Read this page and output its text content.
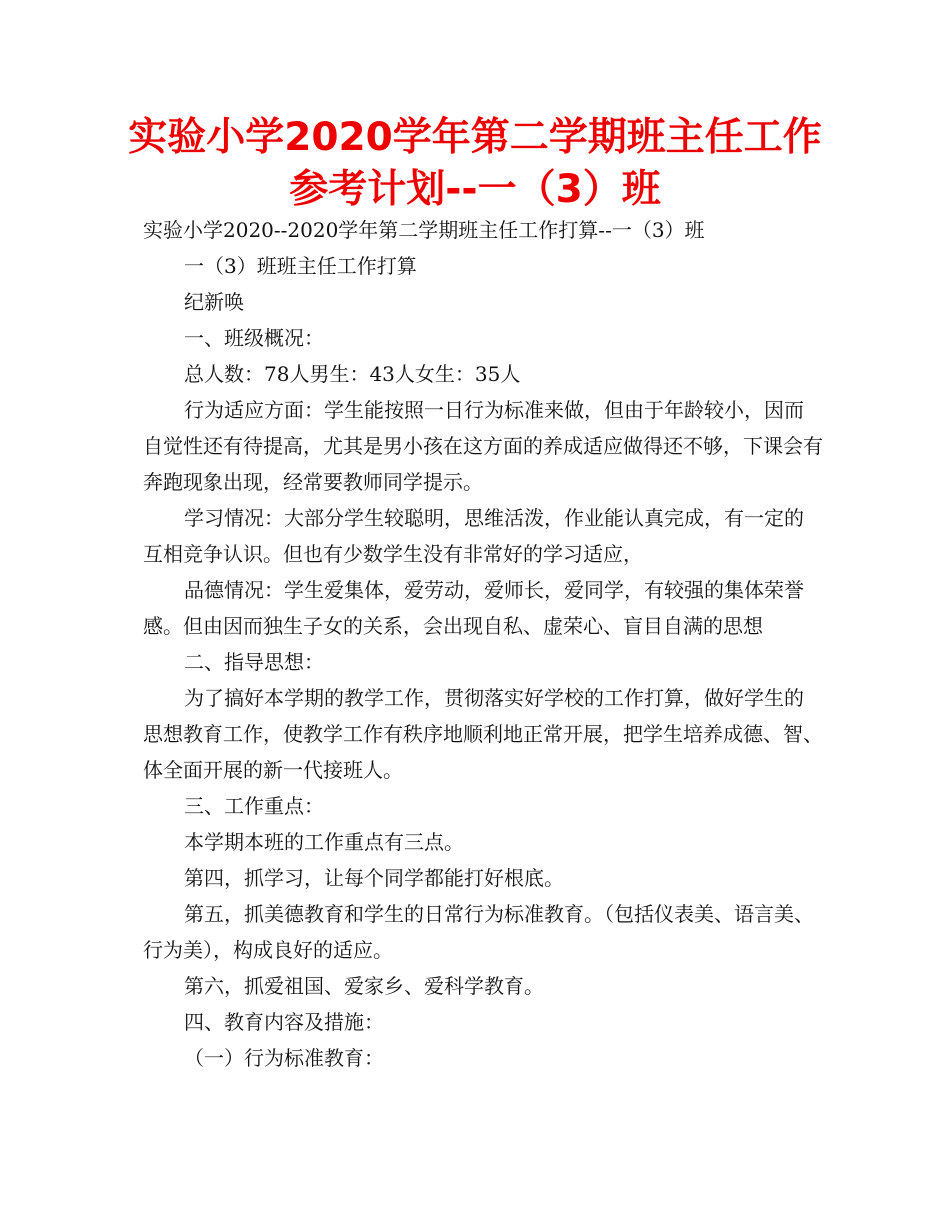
实验小学2020学年第二学期班主任工作参考计划--一（3）班

实验小学2020--2020学年第二学期班主任工作打算--一（3）班

一（3）班班主任工作打算

纪新唤

一、班级概况：

总人数：78人男生：43人女生：35人

行为适应方面：学生能按照一日行为标准来做，但由于年龄较小，因而自觉性还有待提高，尤其是男小孩在这方面的养成适应做得还不够，下课会有奔跑现象出现，经常要教师同学提示。

学习情况：大部分学生较聪明，思维活泼，作业能认真完成，有一定的互相竞争认识。但也有少数学生没有非常好的学习适应，

品德情况：学生爱集体，爱劳动，爱师长，爱同学，有较强的集体荣誉感。但由因而独生子女的关系，会出现自私、虚荣心、盲目自满的思想

二、指导思想：

为了搞好本学期的教学工作，贯彻落实好学校的工作打算，做好学生的思想教育工作，使教学工作有秩序地顺利地正常开展，把学生培养成德、智、体全面开展的新一代接班人。

三、工作重点：

本学期本班的工作重点有三点。

第四，抓学习，让每个同学都能打好根底。

第五，抓美德教育和学生的日常行为标准教育。（包括仪表美、语言美、行为美），构成良好的适应。

第六，抓爱祖国、爱家乡、爱科学教育。

四、教育内容及措施：

（一）行为标准教育：
